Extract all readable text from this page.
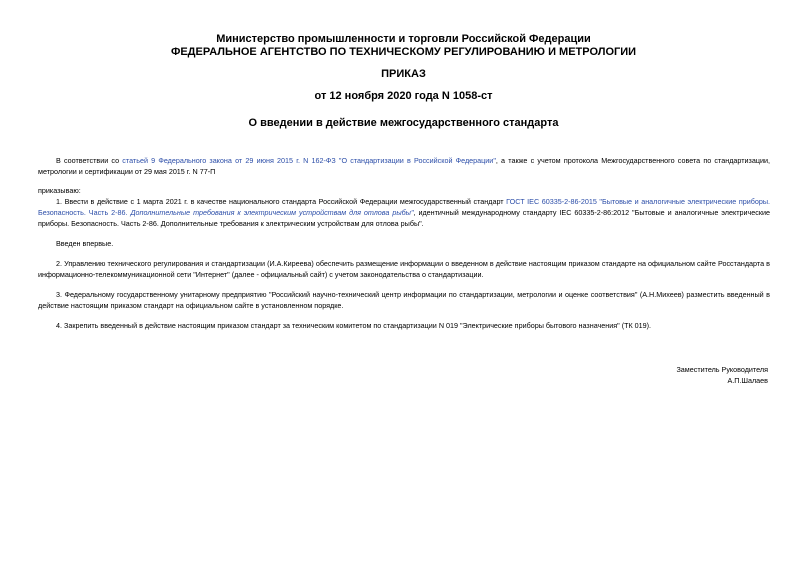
Министерство промышленности и торговли Российской Федерации
ФЕДЕРАЛЬНОЕ АГЕНТСТВО ПО ТЕХНИЧЕСКОМУ РЕГУЛИРОВАНИЮ И МЕТРОЛОГИИ
ПРИКАЗ
от 12 ноября 2020 года N 1058-ст
О введении в действие межгосударственного стандарта

В соответствии со статьей 9 Федерального закона от 29 июня 2015 г. N 162-ФЗ "О стандартизации в Российской Федерации", а также с учетом протокола Межгосударственного совета по стандартизации, метрологии и сертификации от 29 мая 2015 г. N 77-П

приказываю:

1. Ввести в действие с 1 марта 2021 г. в качестве национального стандарта Российской Федерации межгосударственный стандарт ГОСТ IEC 60335-2-86-2015 "Бытовые и аналогичные электрические приборы. Безопасность. Часть 2-86. Дополнительные требования к электрическим устройствам для отлова рыбы", идентичный международному стандарту IEC 60335-2-86:2012 "Бытовые и аналогичные электрические приборы. Безопасность. Часть 2-86. Дополнительные требования к электрическим устройствам для отлова рыбы".

Введен впервые.

2. Управлению технического регулирования и стандартизации (И.А.Киреева) обеспечить размещение информации о введенном в действие настоящим приказом стандарте на официальном сайте Росстандарта в информационно-телекоммуникационной сети "Интернет" (далее - официальный сайт) с учетом законодательства о стандартизации.

3. Федеральному государственному унитарному предприятию "Российский научно-технический центр информации по стандартизации, метрологии и оценке соответствия" (А.Н.Михеев) разместить введенный в действие настоящим приказом стандарт на официальном сайте в установленном порядке.

4. Закрепить введенный в действие настоящим приказом стандарт за техническим комитетом по стандартизации N 019 "Электрические приборы бытового назначения" (ТК 019).

Заместитель Руководителя
А.П.Шалаев
